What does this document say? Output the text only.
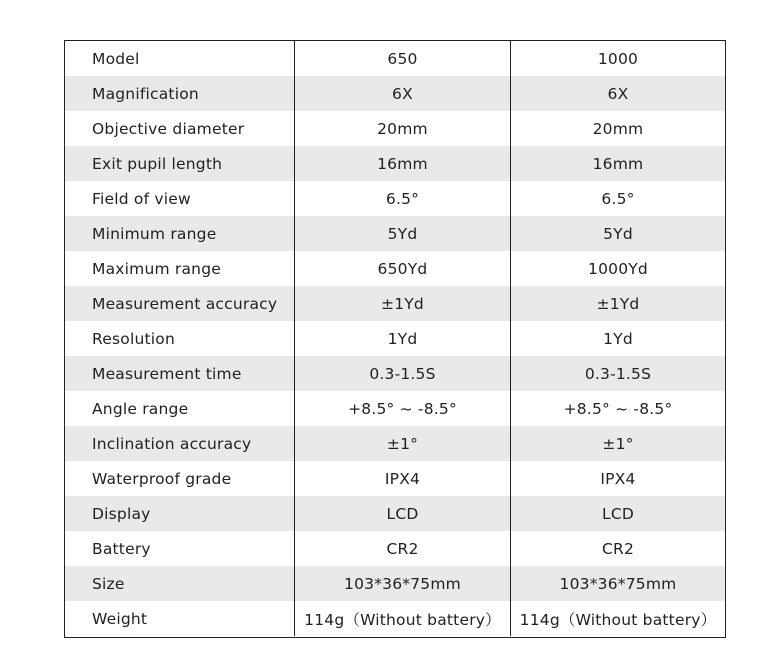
Model	650	1000
Magnification	6X	6X
Objective diameter	20mm	20mm
Exit pupil length	16mm	16mm
Field of view	6.5°	6.5°
Minimum range	5Yd	5Yd
Maximum range	650Yd	1000Yd
Measurement accuracy	±1Yd	±1Yd
Resolution	1Yd	1Yd
Measurement time	0.3-1.5S	0.3-1.5S
Angle range	+8.5° ~ -8.5°	+8.5° ~ -8.5°
Inclination accuracy	±1°	±1°
Waterproof grade	IPX4	IPX4
Display	LCD	LCD
Battery	CR2	CR2
Size	103*36*75mm	103*36*75mm
Weight	114g（Without battery）	114g（Without battery）
